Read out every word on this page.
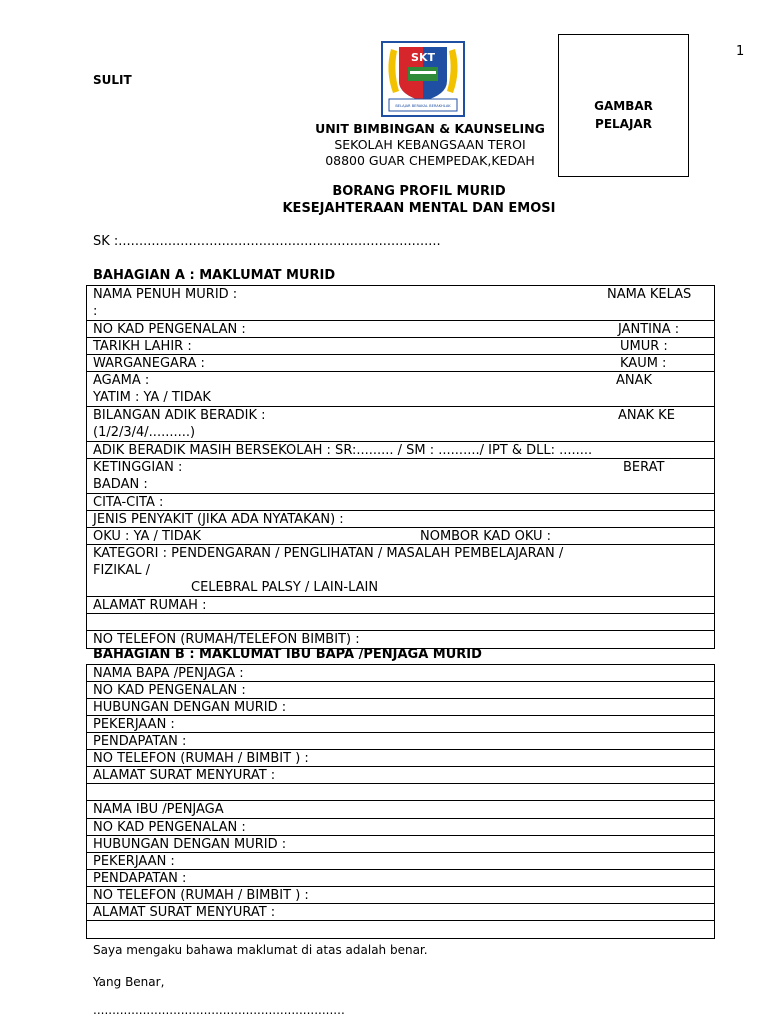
1
SULIT
SKT
BELAJAR BERAKAL BERAKHLAK
UNIT BIMBINGAN & KAUNSELING
SEKOLAH KEBANGSAAN TEROI
08800 GUAR CHEMPEDAK,KEDAH
GAMBAR
PELAJAR
BORANG PROFIL MURID
KESEJAHTERAAN MENTAL DAN EMOSI
SK :..............................................................................
BAHAGIAN A : MAKLUMAT MURID
NAMA PENUH MURID :	NAMA KELAS
:
NO KAD PENGENALAN :	JANTINA :
TARIKH LAHIR :	UMUR :
WARGANEGARA :	KAUM :
AGAMA :	ANAK
YATIM : YA / TIDAK
BILANGAN ADIK BERADIK :	ANAK KE
(1/2/3/4/..........)
ADIK BERADIK MASIH BERSEKOLAH : SR:......... / SM : ........../ IPT & DLL: ........
KETINGGIAN :	BERAT
BADAN :
CITA-CITA :
JENIS PENYAKIT (JIKA ADA NYATAKAN) :
OKU : YA / TIDAK	NOMBOR KAD OKU :
KATEGORI : PENDENGARAN / PENGLIHATAN / MASALAH PEMBELAJARAN /
FIZIKAL /
CELEBRAL PALSY / LAIN-LAIN
ALAMAT RUMAH :
NO TELEFON (RUMAH/TELEFON BIMBIT) :
BAHAGIAN B : MAKLUMAT IBU BAPA /PENJAGA MURID
NAMA BAPA /PENJAGA :
NO KAD PENGENALAN :
HUBUNGAN DENGAN MURID :
PEKERJAAN :
PENDAPATAN :
NO TELEFON (RUMAH / BIMBIT ) :
ALAMAT SURAT MENYURAT :
NAMA IBU /PENJAGA
NO KAD PENGENALAN :
HUBUNGAN DENGAN MURID :
PEKERJAAN :
PENDAPATAN :
NO TELEFON (RUMAH / BIMBIT ) :
ALAMAT SURAT MENYURAT :
Saya mengaku bahawa maklumat di atas adalah benar.
Yang Benar,
..................................................................
